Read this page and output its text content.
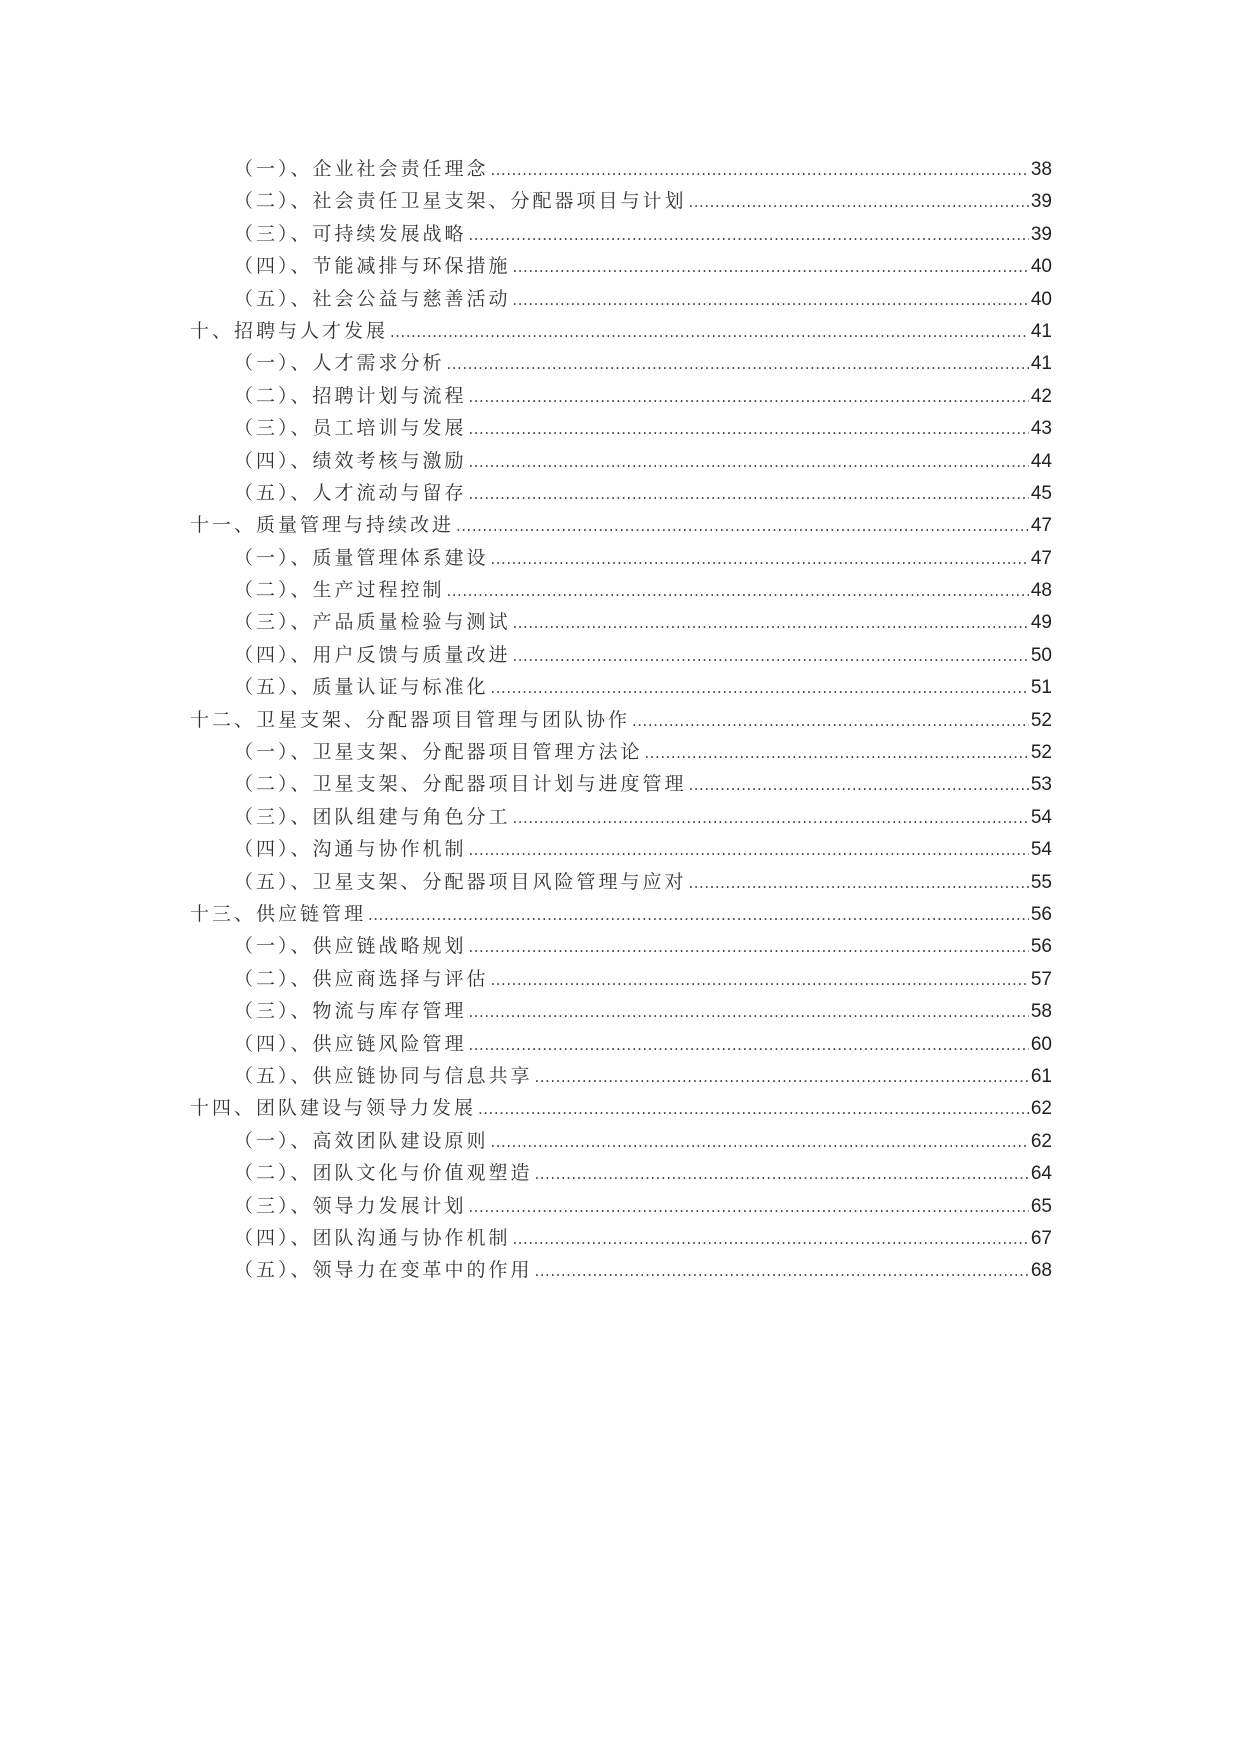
（一）、企业社会责任理念 .....	38
（二）、社会责任卫星支架、分配器项目与计划 .....	39
（三）、可持续发展战略 .....	39
（四）、节能减排与环保措施 .....	40
（五）、社会公益与慈善活动 .....	40
十、招聘与人才发展 .....	41
（一）、人才需求分析 .....	41
（二）、招聘计划与流程 .....	42
（三）、员工培训与发展 .....	43
（四）、绩效考核与激励 .....	44
（五）、人才流动与留存 .....	45
十一、质量管理与持续改进 .....	47
（一）、质量管理体系建设 .....	47
（二）、生产过程控制 .....	48
（三）、产品质量检验与测试 .....	49
（四）、用户反馈与质量改进 .....	50
（五）、质量认证与标准化 .....	51
十二、卫星支架、分配器项目管理与团队协作 .....	52
（一）、卫星支架、分配器项目管理方法论 .....	52
（二）、卫星支架、分配器项目计划与进度管理 .....	53
（三）、团队组建与角色分工 .....	54
（四）、沟通与协作机制 .....	54
（五）、卫星支架、分配器项目风险管理与应对 .....	55
十三、供应链管理 .....	56
（一）、供应链战略规划 .....	56
（二）、供应商选择与评估 .....	57
（三）、物流与库存管理 .....	58
（四）、供应链风险管理 .....	60
（五）、供应链协同与信息共享 .....	61
十四、团队建设与领导力发展 .....	62
（一）、高效团队建设原则 .....	62
（二）、团队文化与价值观塑造 .....	64
（三）、领导力发展计划 .....	65
（四）、团队沟通与协作机制 .....	67
（五）、领导力在变革中的作用 .....	68
